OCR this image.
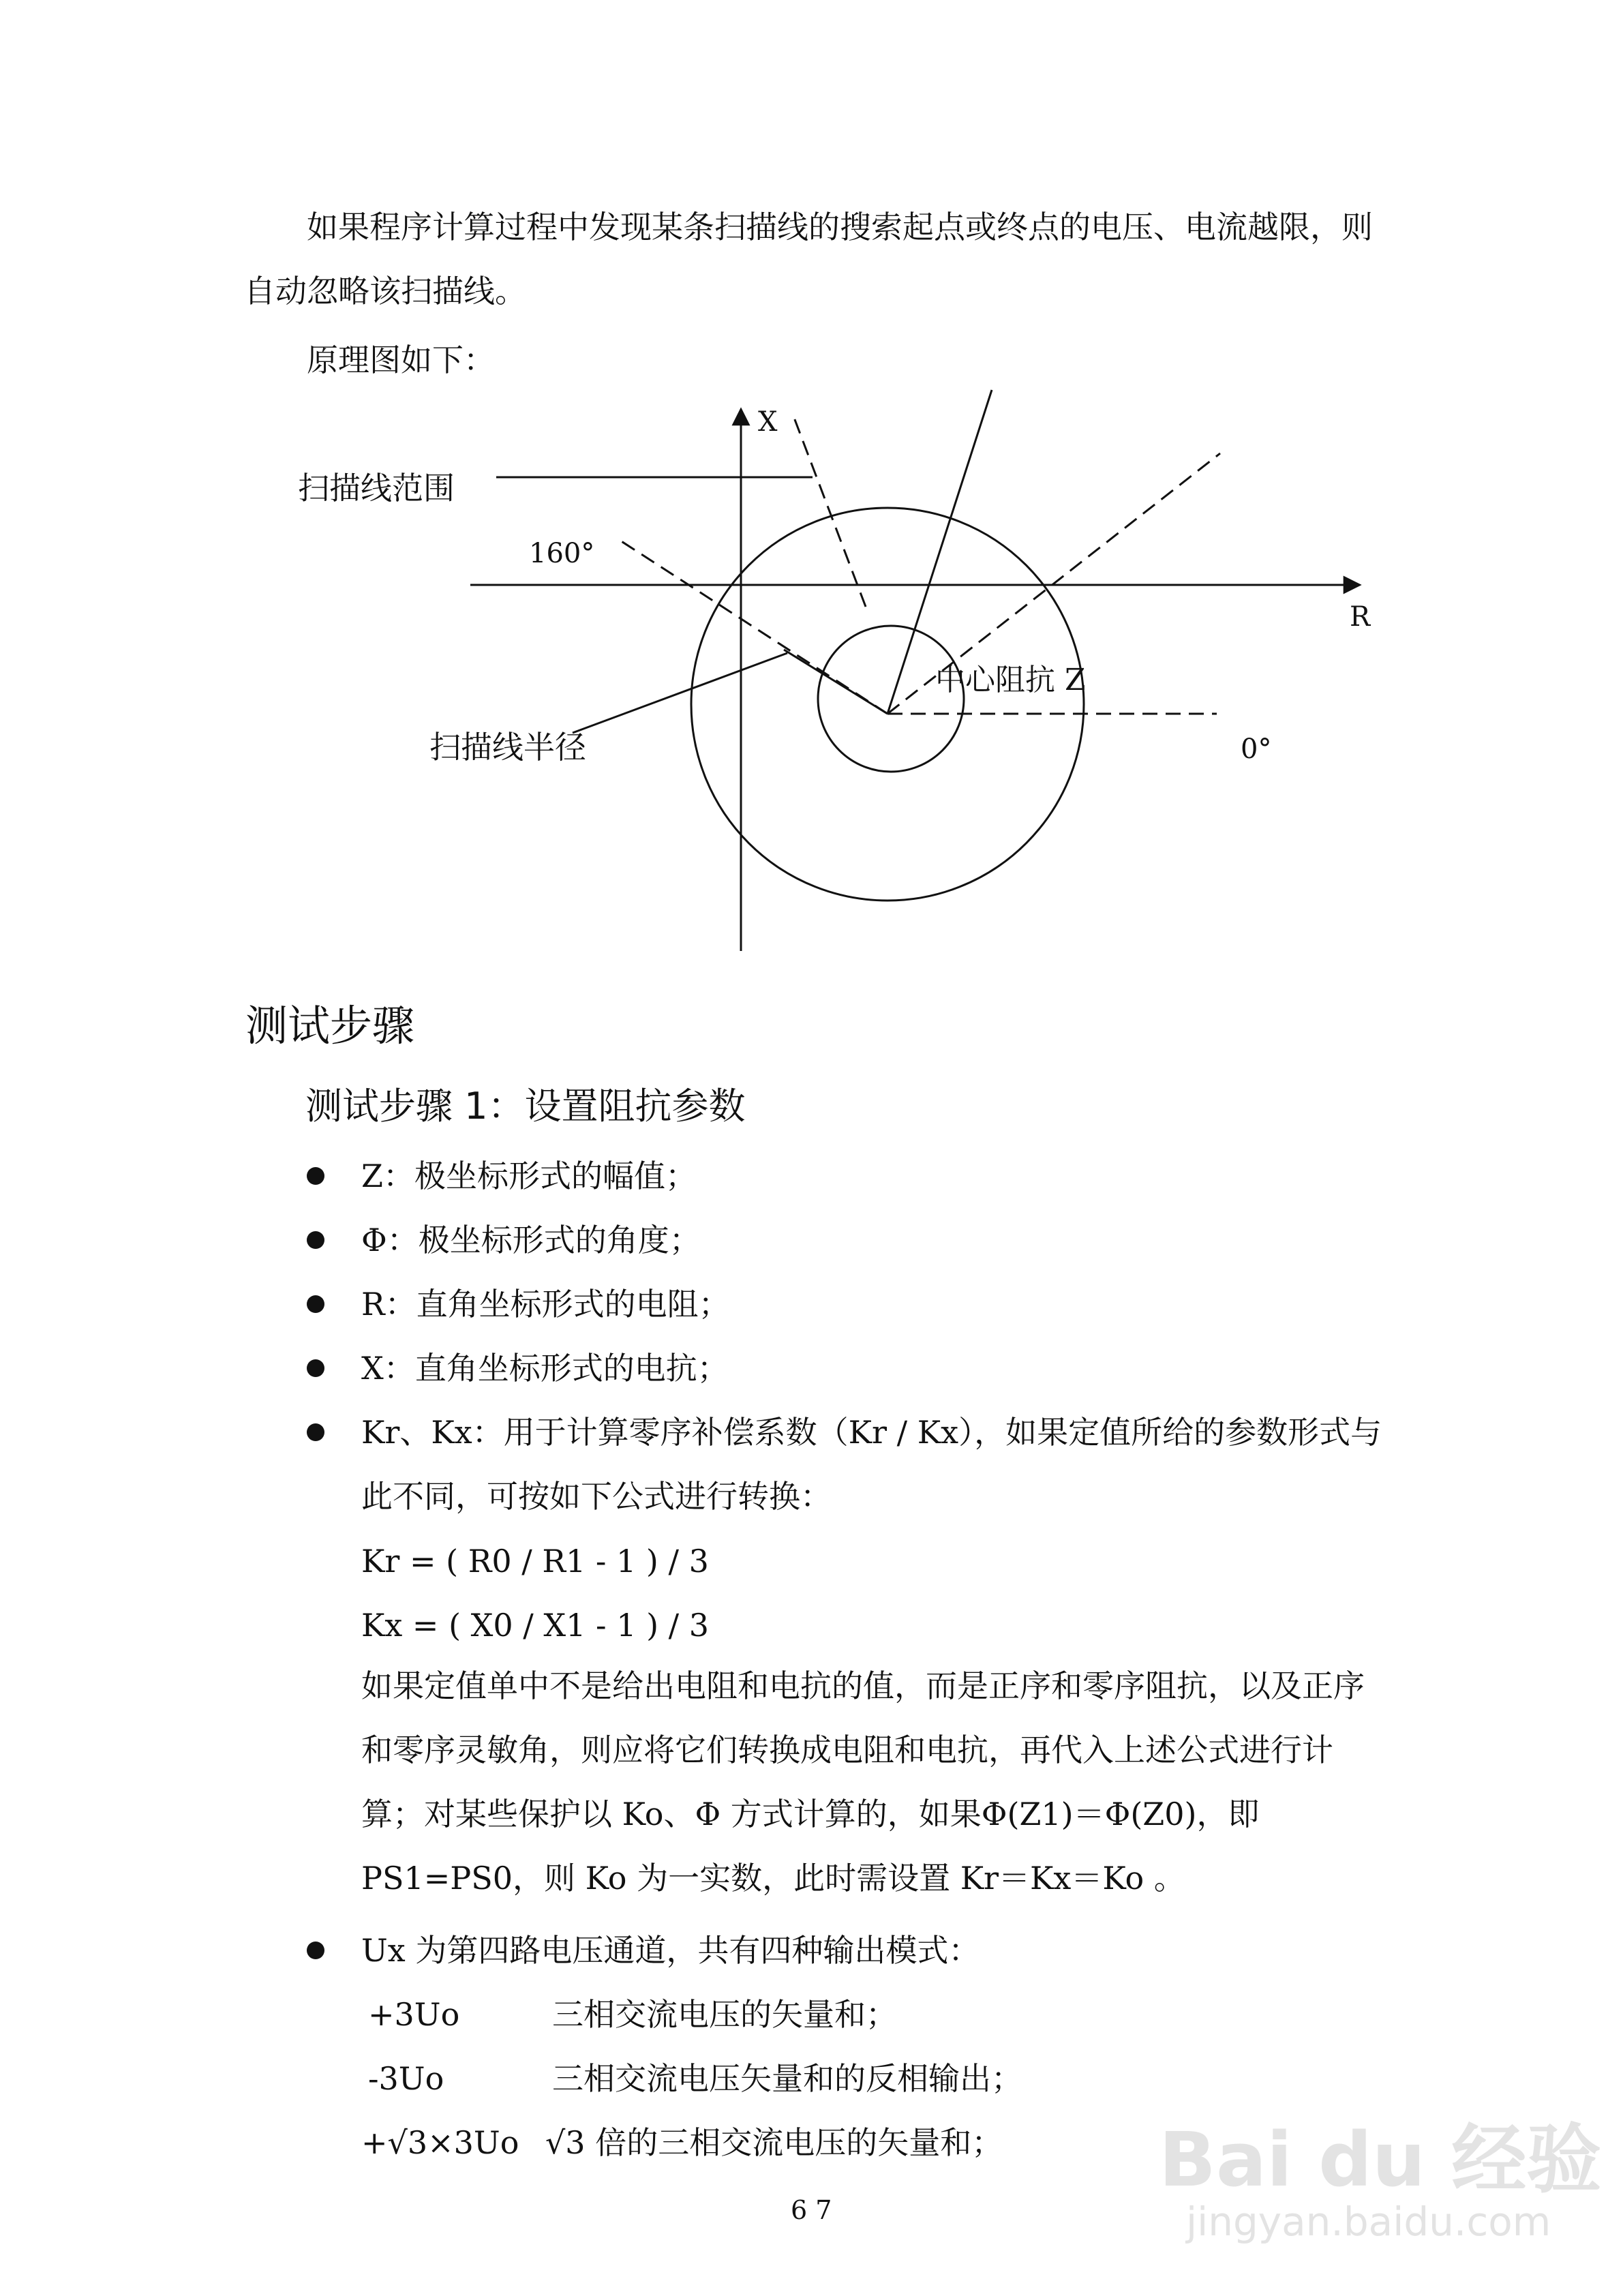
如果程序计算过程中发现某条扫描线的搜索起点或终点的电压、电流越限，则自动忽略该扫描线。
原理图如下：
X
R
扫描线范围
160°
中心阻抗 Z
扫描线半径	0°
测试步骤
测试步骤 1：设置阻抗参数
Z：极坐标形式的幅值；
Φ：极坐标形式的角度；
R：直角坐标形式的电阻；
X：直角坐标形式的电抗；
Kr、Kx：用于计算零序补偿系数（Kr / Kx），如果定值所给的参数形式与此不同，可按如下公式进行转换：
Kr = ( R0 / R1 - 1 ) / 3
Kx = ( X0 / X1 - 1 ) / 3
如果定值单中不是给出电阻和电抗的值，而是正序和零序阻抗，以及正序和零序灵敏角，则应将它们转换成电阻和电抗，再代入上述公式进行计算；对某些保护以 Ko、Φ 方式计算的，如果Φ(Z1)＝Φ(Z0)，即 PS1=PS0，则 Ko 为一实数，此时需设置 Kr＝Kx＝Ko 。
Ux 为第四路电压通道，共有四种输出模式：
+3Uo	三相交流电压的矢量和；
-3Uo	三相交流电压矢量和的反相输出；
+√3×3Uo √3 倍的三相交流电压的矢量和；
6 7
Bai du 经验
jingyan.baidu.com
